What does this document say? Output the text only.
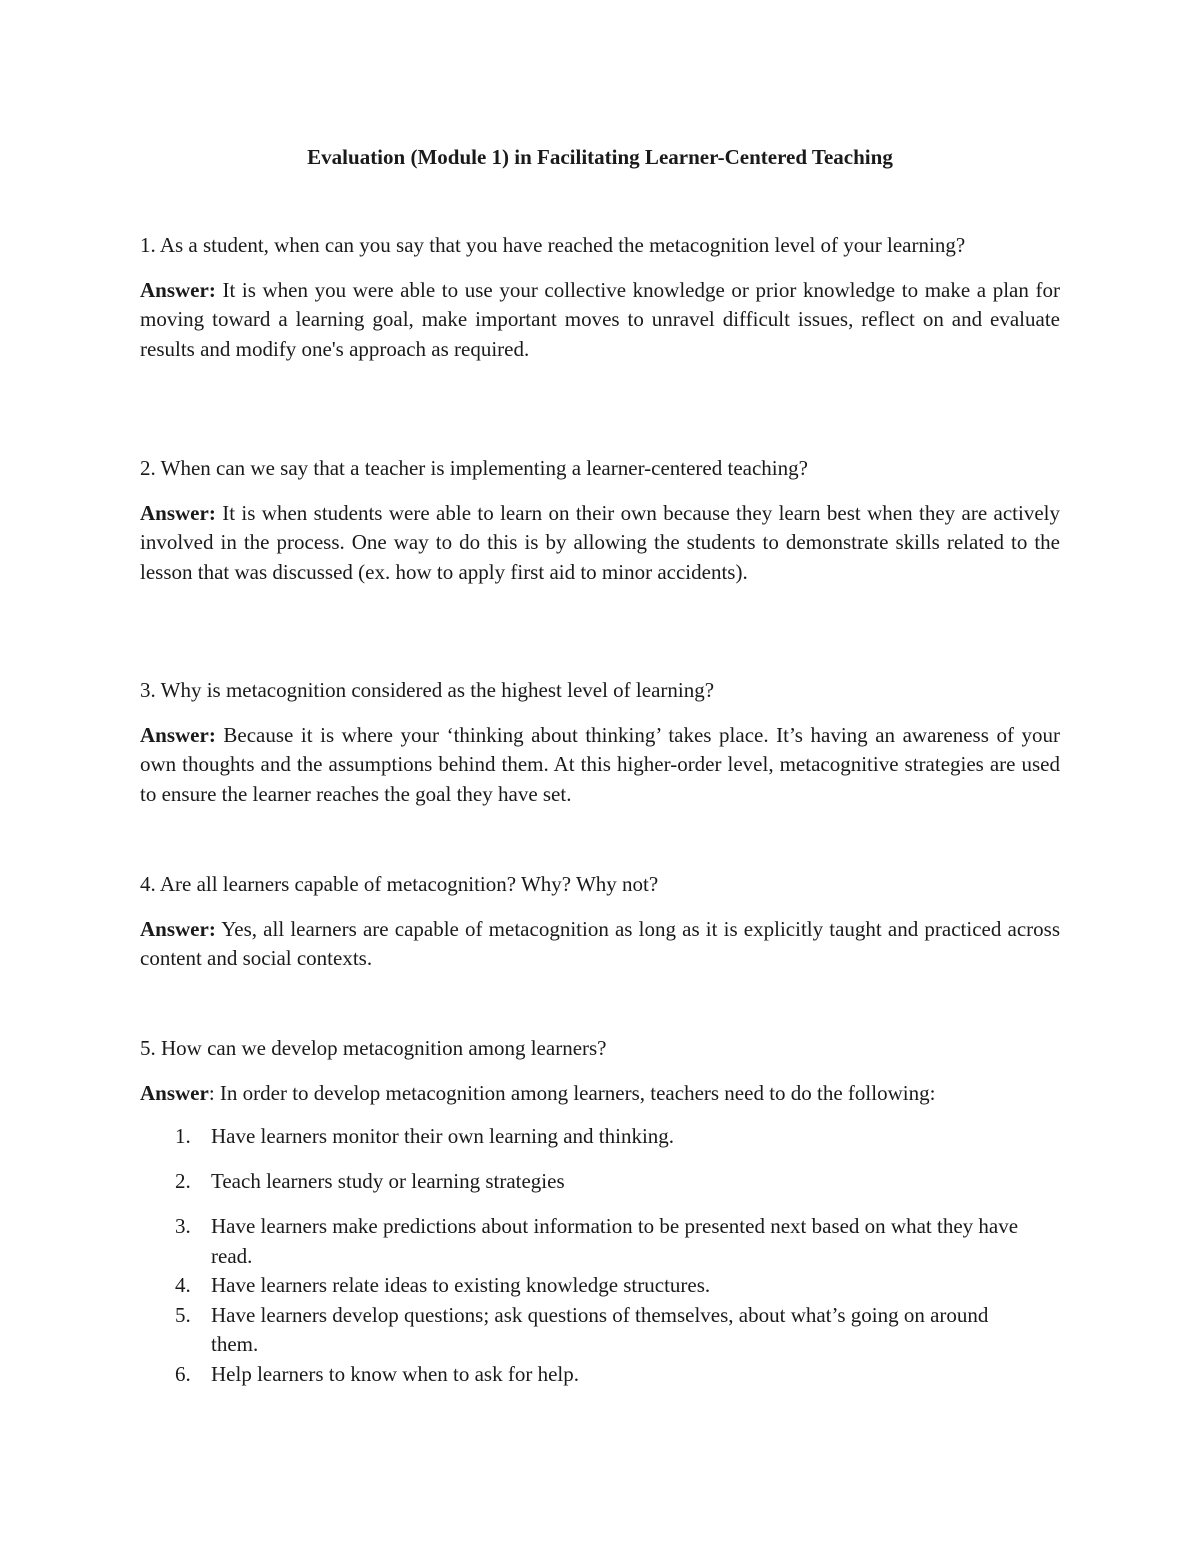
Evaluation (Module 1) in Facilitating Learner-Centered Teaching

1. As a student, when can you say that you have reached the metacognition level of your learning?

Answer: It is when you were able to use your collective knowledge or prior knowledge to make a plan for moving toward a learning goal, make important moves to unravel difficult issues, reflect on and evaluate results and modify one's approach as required.

2. When can we say that a teacher is implementing a learner-centered teaching?

Answer: It is when students were able to learn on their own because they learn best when they are actively involved in the process. One way to do this is by allowing the students to demonstrate skills related to the lesson that was discussed (ex. how to apply first aid to minor accidents).

3. Why is metacognition considered as the highest level of learning?

Answer: Because it is where your ‘thinking about thinking’ takes place. It’s having an awareness of your own thoughts and the assumptions behind them. At this higher-order level, metacognitive strategies are used to ensure the learner reaches the goal they have set.

4. Are all learners capable of metacognition? Why? Why not?

Answer: Yes, all learners are capable of metacognition as long as it is explicitly taught and practiced across content and social contexts.

5. How can we develop metacognition among learners?

Answer: In order to develop metacognition among learners, teachers need to do the following:

1. Have learners monitor their own learning and thinking.
2. Teach learners study or learning strategies
3. Have learners make predictions about information to be presented next based on what they have read.
4. Have learners relate ideas to existing knowledge structures.
5. Have learners develop questions; ask questions of themselves, about what’s going on around them.
6. Help learners to know when to ask for help.
